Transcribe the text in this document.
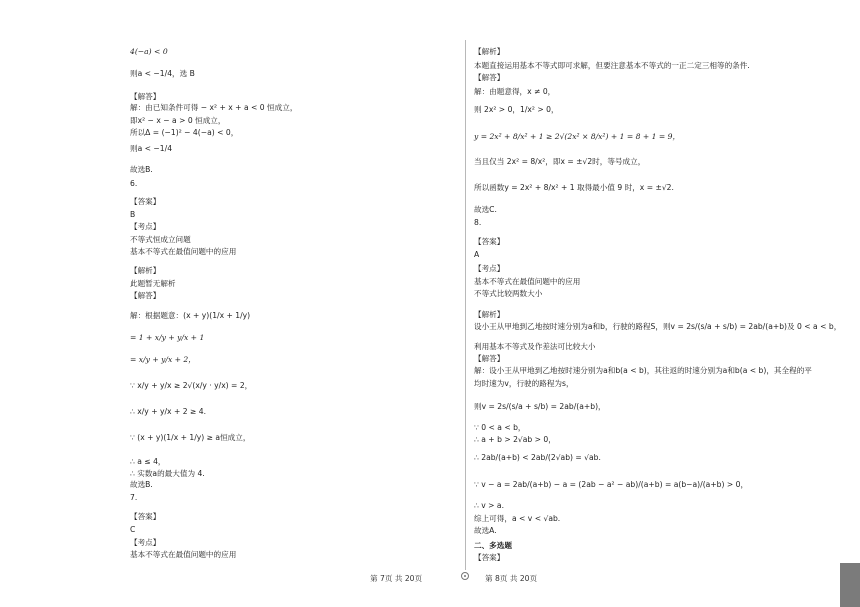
4(−a) < 0
则a < −1/4，选 B
【解答】
解：由已知条件可得 − x² + x + a < 0 恒成立，
即x² − x − a > 0 恒成立，
所以Δ = (−1)² − 4(−a) < 0，
则a < −1/4
故选B.
6.
【答案】
B
【考点】
不等式恒成立问题
基本不等式在最值问题中的应用
【解析】
此题暂无解析
【解答】
解：根据题意：(x + y)(1/x + 1/y)
= 1 + x/y + y/x + 1
= x/y + y/x + 2，
∵ x/y + y/x ≥ 2√(x/y · y/x) = 2，
∴ x/y + y/x + 2 ≥ 4.
∵ (x + y)(1/x + 1/y) ≥ a恒成立，
∴ a ≤ 4，
∴ 实数a的最大值为 4.
故选B.
7.
【答案】
C
【考点】
基本不等式在最值问题中的应用
【解析】
本题直接运用基本不等式即可求解，但要注意基本不等式的一正二定三相等的条件.
【解答】
解：由题意得，x ≠ 0，
则 2x² > 0，1/x² > 0，
y = 2x² + 8/x² + 1 ≥ 2√(2x² × 8/x²) + 1 = 8 + 1 = 9，
当且仅当 2x² = 8/x²，即x = ±√2时，等号成立，
所以函数y = 2x² + 8/x² + 1 取得最小值 9 时，x = ±√2.
故选C.
8.
【答案】
A
【考点】
基本不等式在最值问题中的应用
不等式比较两数大小
【解析】
设小王从甲地到乙地按时速分别为a和b，行驶的路程S，则v = 2s/(s/a + s/b) = 2ab/(a+b)及 0 < a < b，
利用基本不等式及作差法可比较大小
【解答】
解：设小王从甲地到乙地按时速分别为a和b(a < b)，其往返的时速分别为a和b(a < b)，其全程的平
均时速为v，行驶的路程为s，
则v = 2s/(s/a + s/b) = 2ab/(a+b)，
∵ 0 < a < b，
∴ a + b > 2√ab > 0，
∴ 2ab/(a+b) < 2ab/(2√ab) = √ab.
∵ v − a = 2ab/(a+b) − a = (2ab − a² − ab)/(a+b) = a(b−a)/(a+b) > 0，
∴ v > a.
综上可得，a < v < √ab.
故选A.
二、多选题
【答案】
第 7页 共 20页	第 8页 共 20页
